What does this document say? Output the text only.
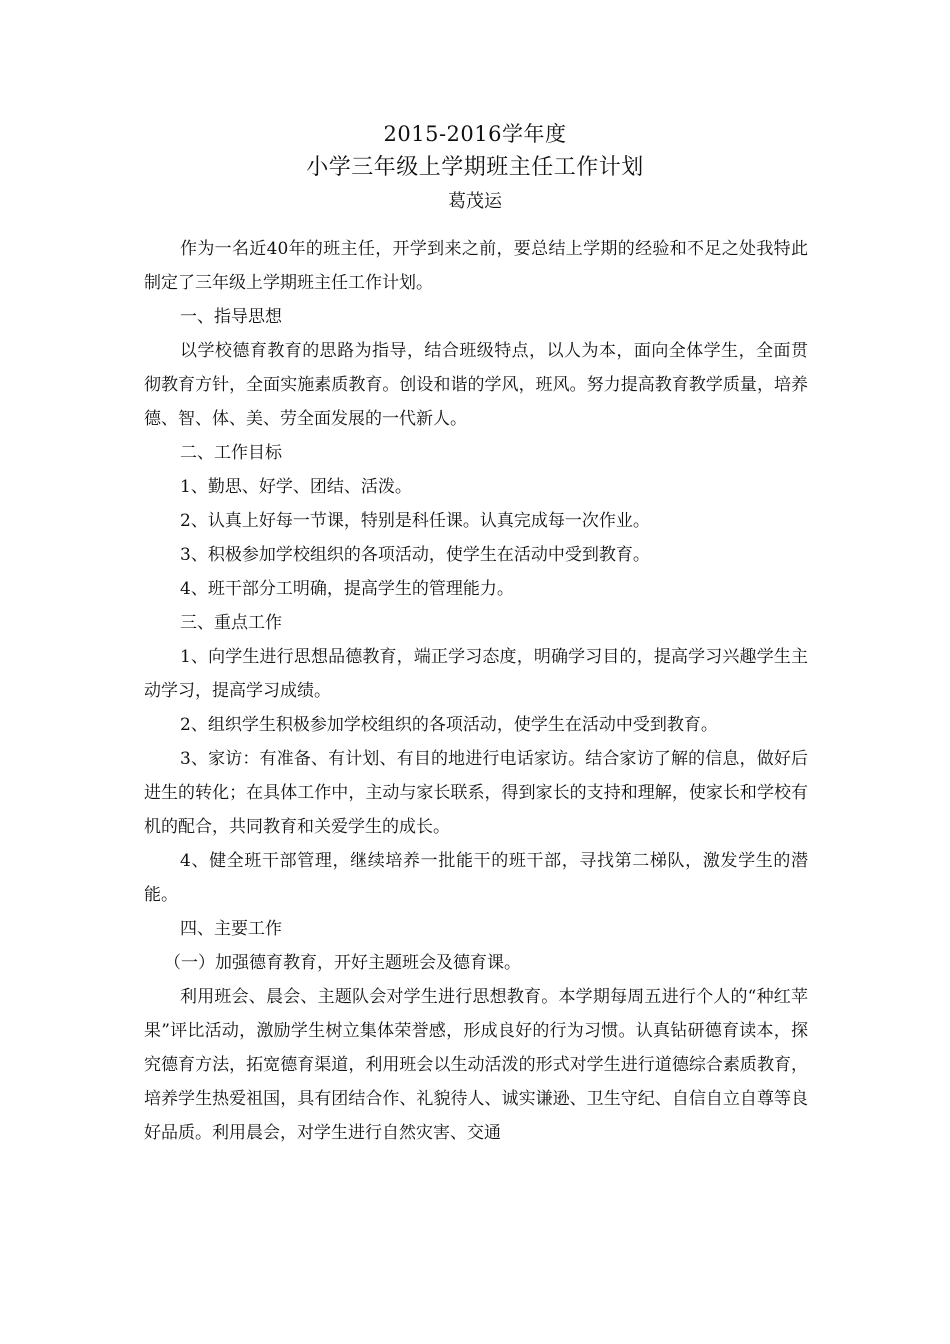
2015-2016学年度
小学三年级上学期班主任工作计划
葛茂运

作为一名近40年的班主任，开学到来之前，要总结上学期的经验和不足之处我特此制定了三年级上学期班主任工作计划。

一、指导思想

以学校德育教育的思路为指导，结合班级特点，以人为本，面向全体学生，全面贯彻教育方针，全面实施素质教育。创设和谐的学风，班风。努力提高教育教学质量，培养德、智、体、美、劳全面发展的一代新人。

二、工作目标

1、勤思、好学、团结、活泼。

2、认真上好每一节课，特别是科任课。认真完成每一次作业。

3、积极参加学校组织的各项活动，使学生在活动中受到教育。

4、班干部分工明确，提高学生的管理能力。

三、重点工作

1、向学生进行思想品德教育，端正学习态度，明确学习目的，提高学习兴趣学生主动学习，提高学习成绩。

2、组织学生积极参加学校组织的各项活动，使学生在活动中受到教育。

3、家访：有准备、有计划、有目的地进行电话家访。结合家访了解的信息，做好后进生的转化；在具体工作中，主动与家长联系，得到家长的支持和理解，使家长和学校有机的配合，共同教育和关爱学生的成长。

4、健全班干部管理，继续培养一批能干的班干部，寻找第二梯队，激发学生的潜能。

四、主要工作

（一）加强德育教育，开好主题班会及德育课。

利用班会、晨会、主题队会对学生进行思想教育。本学期每周五进行个人的“种红苹果”评比活动，激励学生树立集体荣誉感，形成良好的行为习惯。认真钻研德育读本，探究德育方法，拓宽德育渠道，利用班会以生动活泼的形式对学生进行道德综合素质教育，培养学生热爱祖国，具有团结合作、礼貌待人、诚实谦逊、卫生守纪、自信自立自尊等良好品质。利用晨会，对学生进行自然灾害、交通
